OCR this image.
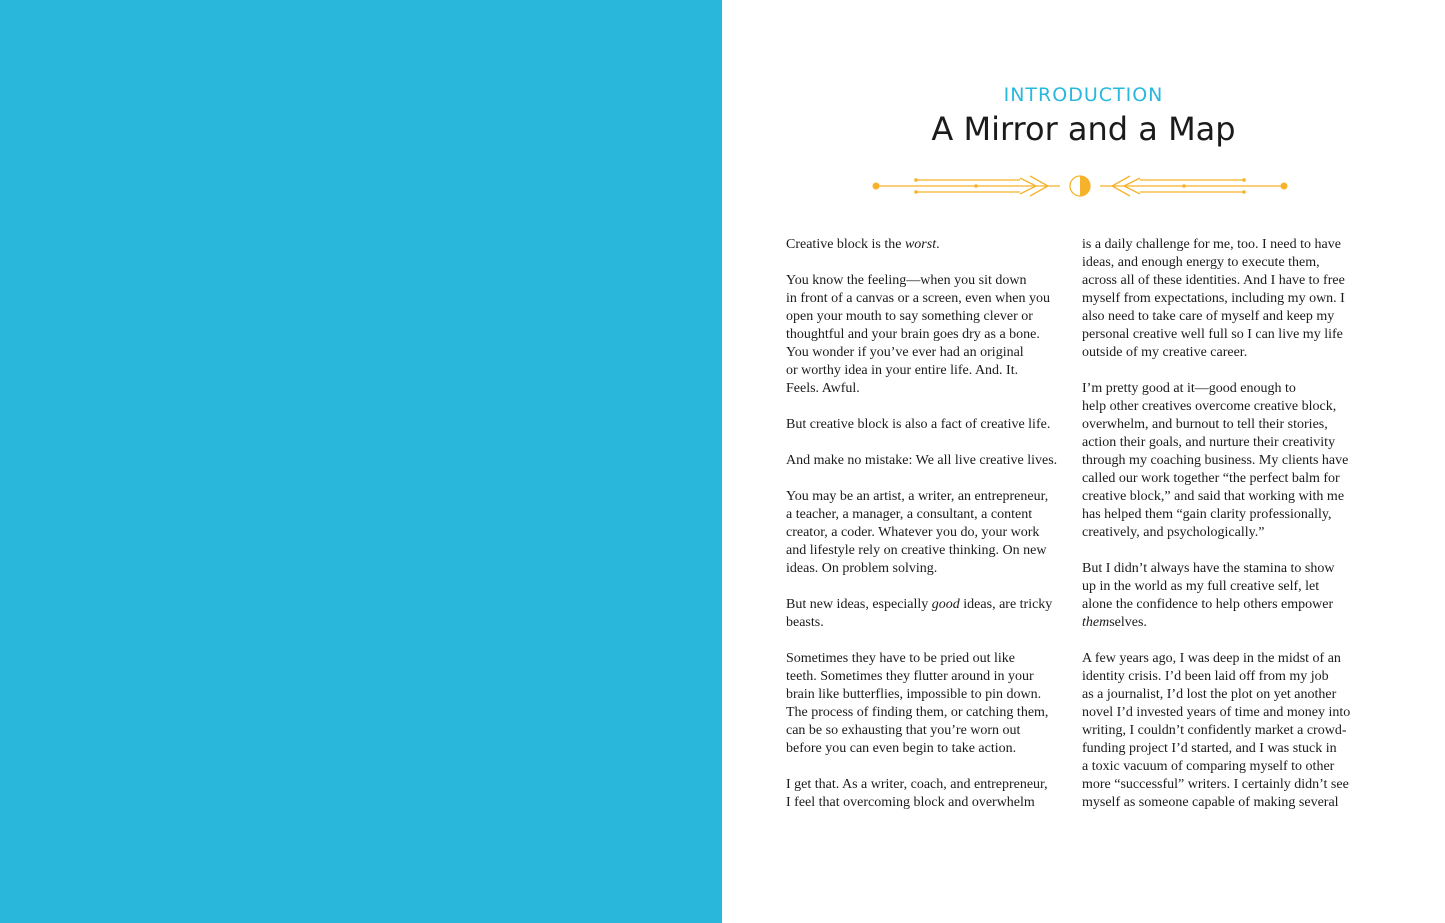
INTRODUCTION
A Mirror and a Map

Creative block is the worst.

You know the feeling—when you sit down
in front of a canvas or a screen, even when you
open your mouth to say something clever or
thoughtful and your brain goes dry as a bone.
You wonder if you’ve ever had an original
or worthy idea in your entire life. And. It.
Feels. Awful.

But creative block is also a fact of creative life.

And make no mistake: We all live creative lives.

You may be an artist, a writer, an entrepreneur,
a teacher, a manager, a consultant, a content
creator, a coder. Whatever you do, your work
and lifestyle rely on creative thinking. On new
ideas. On problem solving.

But new ideas, especially good ideas, are tricky
beasts.

Sometimes they have to be pried out like
teeth. Sometimes they flutter around in your
brain like butterflies, impossible to pin down.
The process of finding them, or catching them,
can be so exhausting that you’re worn out
before you can even begin to take action.

I get that. As a writer, coach, and entrepreneur,
I feel that overcoming block and overwhelm

is a daily challenge for me, too. I need to have
ideas, and enough energy to execute them,
across all of these identities. And I have to free
myself from expectations, including my own. I
also need to take care of myself and keep my
personal creative well full so I can live my life
outside of my creative career.

I’m pretty good at it—good enough to
help other creatives overcome creative block,
overwhelm, and burnout to tell their stories,
action their goals, and nurture their creativity
through my coaching business. My clients have
called our work together “the perfect balm for
creative block,” and said that working with me
has helped them “gain clarity professionally,
creatively, and psychologically.”

But I didn’t always have the stamina to show
up in the world as my full creative self, let
alone the confidence to help others empower
themselves.

A few years ago, I was deep in the midst of an
identity crisis. I’d been laid off from my job
as a journalist, I’d lost the plot on yet another
novel I’d invested years of time and money into
writing, I couldn’t confidently market a crowd-
funding project I’d started, and I was stuck in
a toxic vacuum of comparing myself to other
more “successful” writers. I certainly didn’t see
myself as someone capable of making several
